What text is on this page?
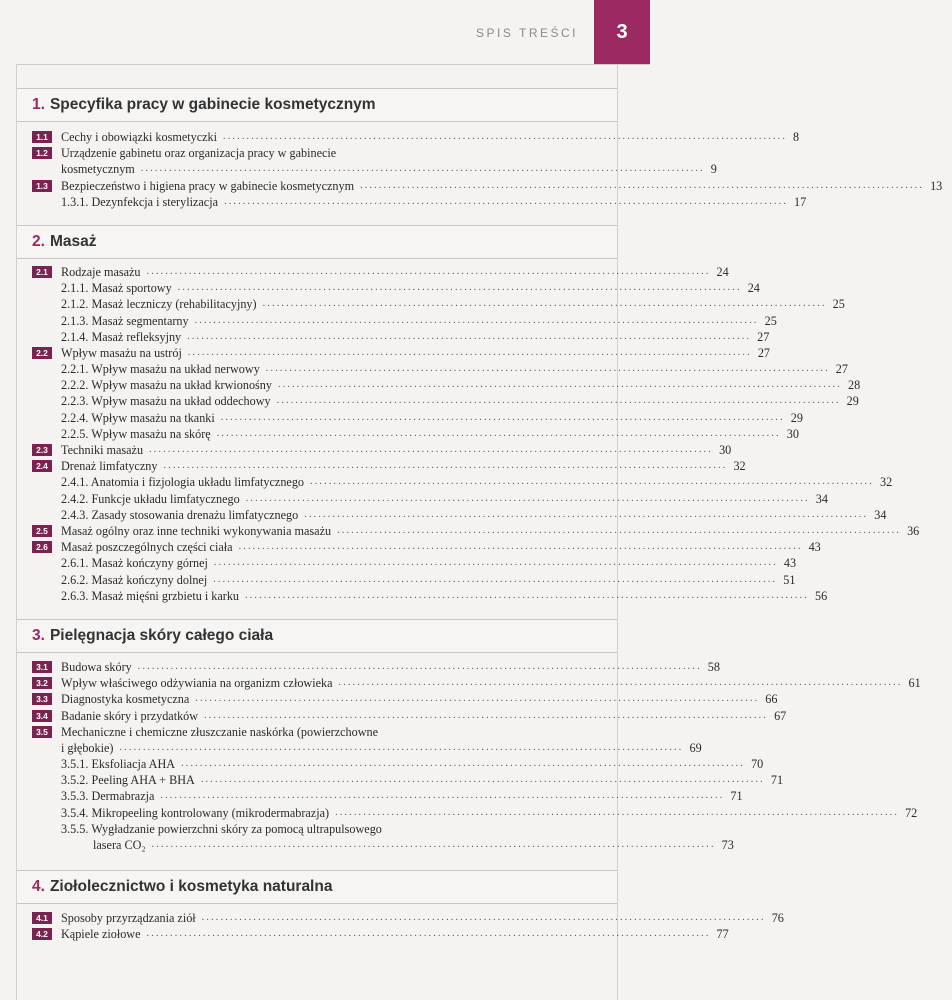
SPIS TREŚCI	3
1. Specyfika pracy w gabinecie kosmetycznym
1.1	Cechy i obowiązki kosmetyczki ........................................................................................................................ 8
1.2	Urządzenie gabinetu oraz organizacja pracy w gabinecie
kosmetycznym ........................................................................................................................ 9
1.3	Bezpieczeństwo i higiena pracy w gabinecie kosmetycznym ........................................................................................................................ 13
1.3.1. Dezynfekcja i sterylizacja ........................................................................................................................ 17
2. Masaż
2.1	Rodzaje masażu ........................................................................................................................ 24
2.1.1. Masaż sportowy ........................................................................................................................ 24
2.1.2. Masaż leczniczy (rehabilitacyjny) ........................................................................................................................ 25
2.1.3. Masaż segmentarny ........................................................................................................................ 25
2.1.4. Masaż refleksyjny ........................................................................................................................ 27
2.2	Wpływ masażu na ustrój ........................................................................................................................ 27
2.2.1. Wpływ masażu na układ nerwowy ........................................................................................................................ 27
2.2.2. Wpływ masażu na układ krwionośny ........................................................................................................................ 28
2.2.3. Wpływ masażu na układ oddechowy ........................................................................................................................ 29
2.2.4. Wpływ masażu na tkanki ........................................................................................................................ 29
2.2.5. Wpływ masażu na skórę ........................................................................................................................ 30
2.3	Techniki masażu ........................................................................................................................ 30
2.4	Drenaż limfatyczny ........................................................................................................................ 32
2.4.1. Anatomia i fizjologia układu limfatycznego ........................................................................................................................ 32
2.4.2. Funkcje układu limfatycznego ........................................................................................................................ 34
2.4.3. Zasady stosowania drenażu limfatycznego ........................................................................................................................ 34
2.5	Masaż ogólny oraz inne techniki wykonywania masażu ........................................................................................................................ 36
2.6	Masaż poszczególnych części ciała ........................................................................................................................ 43
2.6.1. Masaż kończyny górnej ........................................................................................................................ 43
2.6.2. Masaż kończyny dolnej ........................................................................................................................ 51
2.6.3. Masaż mięśni grzbietu i karku ........................................................................................................................ 56
3. Pielęgnacja skóry całego ciała
3.1	Budowa skóry ........................................................................................................................ 58
3.2	Wpływ właściwego odżywiania na organizm człowieka ........................................................................................................................ 61
3.3	Diagnostyka kosmetyczna ........................................................................................................................ 66
3.4	Badanie skóry i przydatków ........................................................................................................................ 67
3.5	Mechaniczne i chemiczne złuszczanie naskórka (powierzchowne
i głębokie) ........................................................................................................................ 69
3.5.1. Eksfoliacja AHA ........................................................................................................................ 70
3.5.2. Peeling AHA + BHA ........................................................................................................................ 71
3.5.3. Dermabrazja ........................................................................................................................ 71
3.5.4. Mikropeeling kontrolowany (mikrodermabrazja) ........................................................................................................................ 72
3.5.5. Wygładzanie powierzchni skóry za pomocą ultrapulsowego
lasera CO₂ ........................................................................................................................ 73
4. Ziołolecznictwo i kosmetyka naturalna
4.1	Sposoby przyrządzania ziół ........................................................................................................................ 76
4.2	Kąpiele ziołowe ........................................................................................................................ 77
